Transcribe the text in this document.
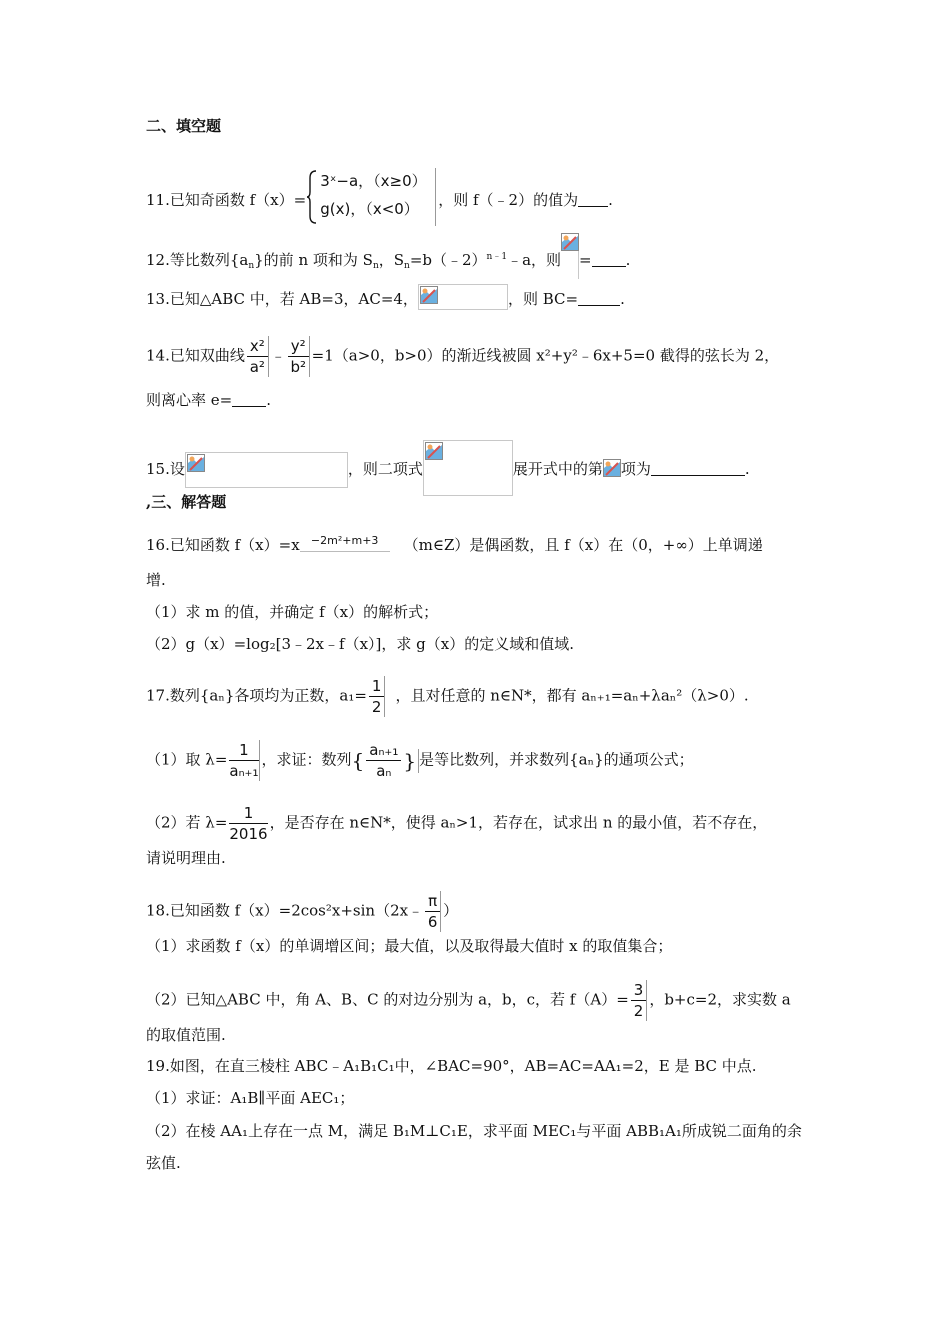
二、填空题
11.已知奇函数 f（x）=
3ˣ−a，（x≥0）
g(x)，（x<0） ，则 f（﹣2）的值为 .
12.等比数列$\{a_n\}$的前 n 项和为 $S_n$，$S_n=b(﹣2)^{n﹣1}﹣a$，则 = .
13.已知△ABC 中，若 AB=3，AC=4，	，则 BC=	.
14.已知双曲线 $\frac{\text{x²}}{\text{a²}}$ ﹣ $\frac{\text{y²}}{\text{b²}} =1(a>0$，b>0）的渐近线被圆 x²+y²﹣6x+5=0 截得的弦长为 2，
则离心率 e= .
15.设	，则二项式	展开式中的第 项为	.
,三、解答题
16.已知函数 f（x）=x −2m²+m+3 （m∈Z）是偶函数，且 f（x）在（0，+∞）上单调递
增.
（1）求 m 的值，并确定 f（x）的解析式；
（2）g（x）=log₂[3﹣2x﹣f（x）]，求 g（x）的定义域和值域.
17.数列{aₙ}各项均为正数，$a_1= \frac{1}{2}$ ，且对任意的 n∈N*，都有 aₙ₊₁=aₙ+λaₙ²（λ>0）.
（1）取 $\lambda= \frac{1}{\text{aₙ₊₁}}$ ，求证：数列{ $\frac{\text{aₙ₊₁}}{\text{aₙ}}$ } 是等比数列，并求数列{aₙ}的通项公式；
（2）若 $\lambda= \frac{1}{2016}$ ，是否存在 n∈N*，使得 aₙ>1，若存在，试求出 n 的最小值，若不存在，
请说明理由.
18.已知函数 f（x）=2cos²x+sin（2x﹣ $\frac{\pi}{6}$ ）
（1）求函数 f（x）的单调增区间；最大值，以及取得最大值时 x 的取值集合；
（2）已知△ABC 中，角 A、B、C 的对边分别为 a，b，c，若 $f(A)= \frac{3}{2}$ ，b+c=2，求实数 a
的取值范围.
19.如图，在直三棱柱 ABC﹣A₁B₁C₁中，∠BAC=90°，AB=AC=AA₁=2，E 是 BC 中点.
（1）求证：A₁B∥平面 AEC₁；
（2）在棱 AA₁上存在一点 M，满足 B₁M⊥C₁E，求平面 MEC₁与平面 ABB₁A₁所成锐二面角的余
弦值.
